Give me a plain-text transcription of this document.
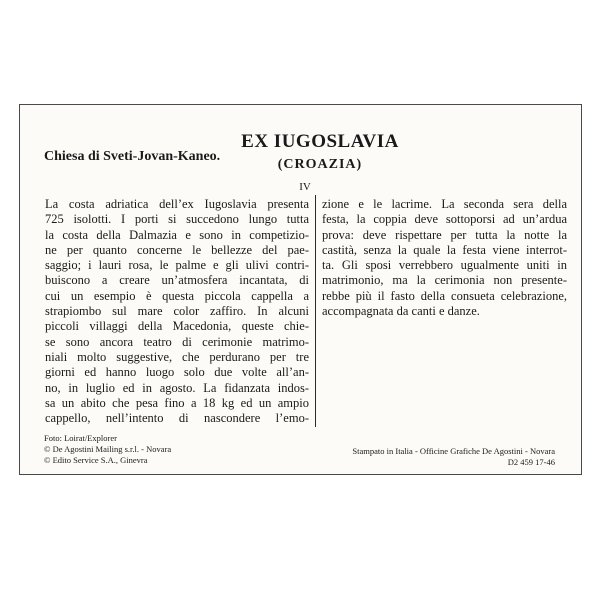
Chiesa di Sveti-Jovan-Kaneo.
EX IUGOSLAVIA
(CROAZIA)
IV
La costa adriatica dell’ex Iugoslavia presenta
725 isolotti. I porti si succedono lungo tutta
la costa della Dalmazia e sono in competizio-
ne per quanto concerne le bellezze del pae-
saggio; i lauri rosa, le palme e gli ulivi contri-
buiscono a creare un’atmosfera incantata, di
cui un esempio è questa piccola cappella a
strapiombo sul mare color zaffiro. In alcuni
piccoli villaggi della Macedonia, queste chie-
se sono ancora teatro di cerimonie matrimo-
niali molto suggestive, che perdurano per tre
giorni ed hanno luogo solo due volte all’an-
no, in luglio ed in agosto. La fidanzata indos-
sa un abito che pesa fino a 18 kg ed un ampio
cappello, nell’intento di nascondere l’emo-
zione e le lacrime. La seconda sera della
festa, la coppia deve sottoporsi ad un’ardua
prova: deve rispettare per tutta la notte la
castità, senza la quale la festa viene interrot-
ta. Gli sposi verrebbero ugualmente uniti in
matrimonio, ma la cerimonia non presente-
rebbe più il fasto della consueta celebrazione,
accompagnata da canti e danze.
Foto: Loirat/Explorer
© De Agostini Mailing s.r.l. - Novara
© Edito Service S.A., Ginevra
Stampato in Italia - Officine Grafiche De Agostini - Novara
D2 459 17-46
